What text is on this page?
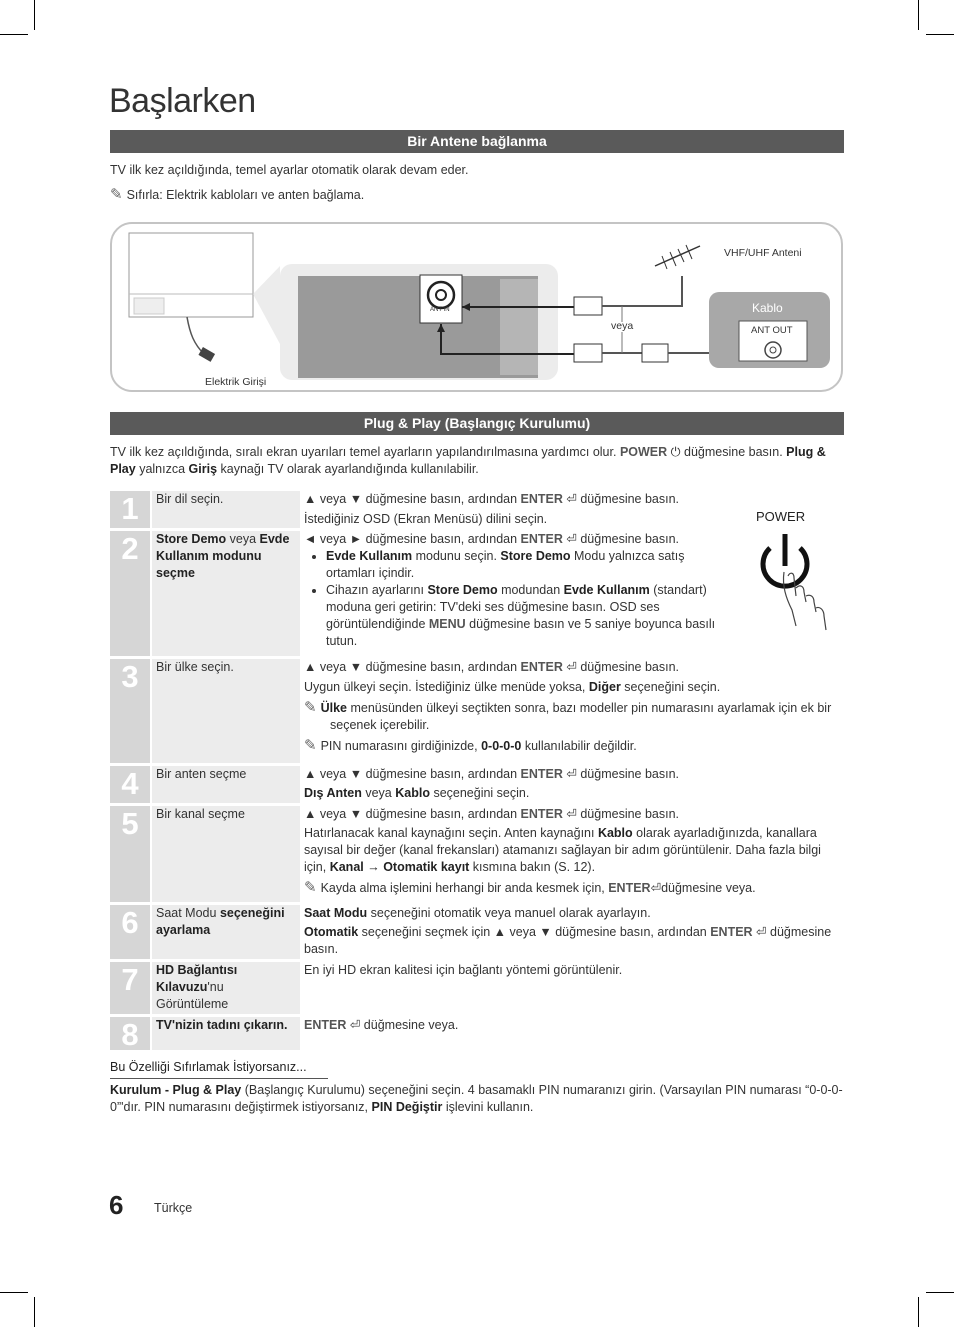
Başlarken
Bir Antene bağlanma
TV ilk kez açıldığında, temel ayarlar otomatik olarak devam eder.
✎ Sıfırla: Elektrik kabloları ve anten bağlama.
Elektrik Girişi
VHF/UHF Anteni
veya
Kablo
ANT OUT
ANT IN
Plug & Play (Başlangıç Kurulumu)
TV ilk kez açıldığında, sıralı ekran uyarıları temel ayarların yapılandırılmasına yardımcı olur. POWER ⏻ düğmesine basın. Plug & Play yalnızca Giriş kaynağı TV olarak ayarlandığında kullanılabilir.
1	Bir dil seçin.	▲ veya ▼ düğmesine basın, ardından ENTER ⏎ düğmesine basın.
İstediğiniz OSD (Ekran Menüsü) dilini seçin.
2	Store Demo veya Evde Kullanım modunu seçme
◄ veya ► düğmesine basın, ardından ENTER ⏎ düğmesine basın.
• Evde Kullanım modunu seçin. Store Demo Modu yalnızca satış ortamları içindir.
• Cihazın ayarlarını Store Demo modundan Evde Kullanım (standart) moduna geri getirin: TV'deki ses düğmesine basın. OSD ses görüntülendiğinde MENU düğmesine basın ve 5 saniye boyunca basılı tutun.
3	Bir ülke seçin.	▲ veya ▼ düğmesine basın, ardından ENTER ⏎ düğmesine basın.
Uygun ülkeyi seçin. İstediğiniz ülke menüde yoksa, Diğer seçeneğini seçin.
✎ Ülke menüsünden ülkeyi seçtikten sonra, bazı modeller pin numarasını ayarlamak için ek bir seçenek içerebilir.
✎ PIN numarasını girdiğinizde, 0-0-0-0 kullanılabilir değildir.
4	Bir anten seçme	▲ veya ▼ düğmesine basın, ardından ENTER ⏎ düğmesine basın.
Dış Anten veya Kablo seçeneğini seçin.
5	Bir kanal seçme	▲ veya ▼ düğmesine basın, ardından ENTER ⏎ düğmesine basın.
Hatırlanacak kanal kaynağını seçin. Anten kaynağını Kablo olarak ayarladığınızda, kanallara sayısal bir değer (kanal frekansları) atamanızı sağlayan bir adım görüntülenir. Daha fazla bilgi için, Kanal → Otomatik kayıt kısmına bakın (S. 12).
✎ Kayda alma işlemini herhangi bir anda kesmek için, ENTER⏎düğmesine veya.
6	Saat Modu seçeneğini ayarlama
Saat Modu seçeneğini otomatik veya manuel olarak ayarlayın.
Otomatik seçeneğini seçmek için ▲ veya ▼ düğmesine basın, ardından ENTER ⏎ düğmesine basın.
7	HD Bağlantısı Kılavuzu'nu Görüntüleme
En iyi HD ekran kalitesi için bağlantı yöntemi görüntülenir.
8	TV'nizin tadını çıkarın.	ENTER ⏎ düğmesine veya.
POWER
Bu Özelliği Sıfırlamak İstiyorsanız...
Kurulum - Plug & Play (Başlangıç Kurulumu) seçeneğini seçin. 4 basamaklı PIN numaranızı girin. (Varsayılan PIN numarası “0-0-0-0”'dır. PIN numarasını değiştirmek istiyorsanız, PIN Değiştir işlevini kullanın.
6 Türkçe
